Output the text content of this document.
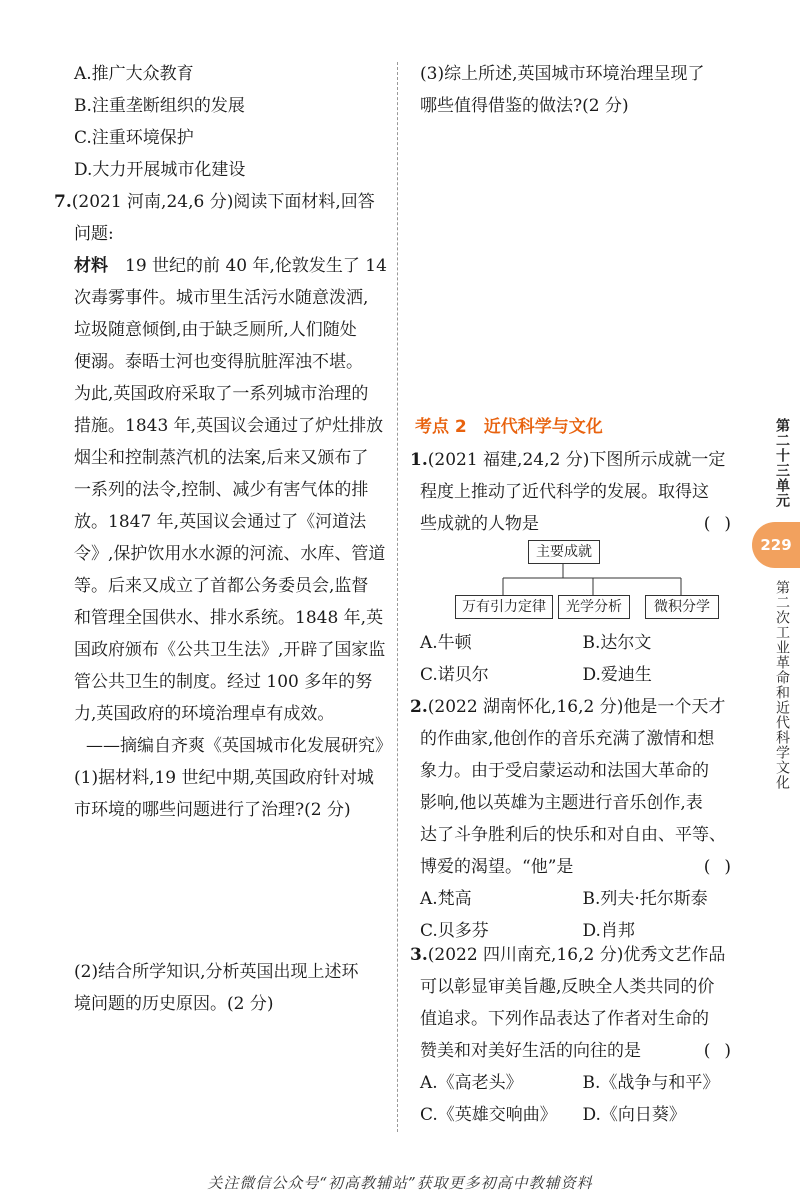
A.推广大众教育
B.注重垄断组织的发展
C.注重环境保护
D.大力开展城市化建设
7.(2021 河南,24,6 分)阅读下面材料,回答
问题:
材料　 19 世纪的前 40 年,伦敦发生了 14
次毒雾事件。城市里生活污水随意泼洒,
垃圾随意倾倒,由于缺乏厕所,人们随处
便溺。泰晤士河也变得肮脏浑浊不堪。
为此,英国政府采取了一系列城市治理的
措施。1843 年,英国议会通过了炉灶排放
烟尘和控制蒸汽机的法案,后来又颁布了
一系列的法令,控制、减少有害气体的排
放。1847 年,英国议会通过了《河道法
令》,保护饮用水水源的河流、水库、管道
等。后来又成立了首都公务委员会,监督
和管理全国供水、排水系统。1848 年,英
国政府颁布《公共卫生法》,开辟了国家监
管公共卫生的制度。经过 100 多年的努
力,英国政府的环境治理卓有成效。
——摘编自齐爽《英国城市化发展研究》
(1)据材料,19 世纪中期,英国政府针对城
市环境的哪些问题进行了治理?(2 分)
(2)结合所学知识,分析英国出现上述环
境问题的历史原因。(2 分)
(3)综上所述,英国城市环境治理呈现了
哪些值得借鉴的做法?(2 分)
考点 2　近代科学与文化
1.(2021 福建,24,2 分)下图所示成就一定
程度上推动了近代科学的发展。取得这
些成就的人物是	()
主要成就
万有引力定律	光学分析	微积分学
A.牛顿	B.达尔文
C.诺贝尔	D.爱迪生
2.(2022 湖南怀化,16,2 分)他是一个天才
的作曲家,他创作的音乐充满了激情和想
象力。由于受启蒙运动和法国大革命的
影响,他以英雄为主题进行音乐创作,表
达了斗争胜利后的快乐和对自由、平等、
博爱的渴望。“他”是	()
A.梵高	B.列夫·托尔斯泰
C.贝多芬	D.肖邦
3.(2022 四川南充,16,2 分)优秀文艺作品
可以彰显审美旨趣,反映全人类共同的价
值追求。下列作品表达了作者对生命的
赞美和对美好生活的向往的是	()
A.《高老头》	B.《战争与和平》
C.《英雄交响曲》	D.《向日葵》
第二十三单元
229
第二次工业革命和近代科学文化
关注微信公众号“初高教辅站”获取更多初高中教辅资料
